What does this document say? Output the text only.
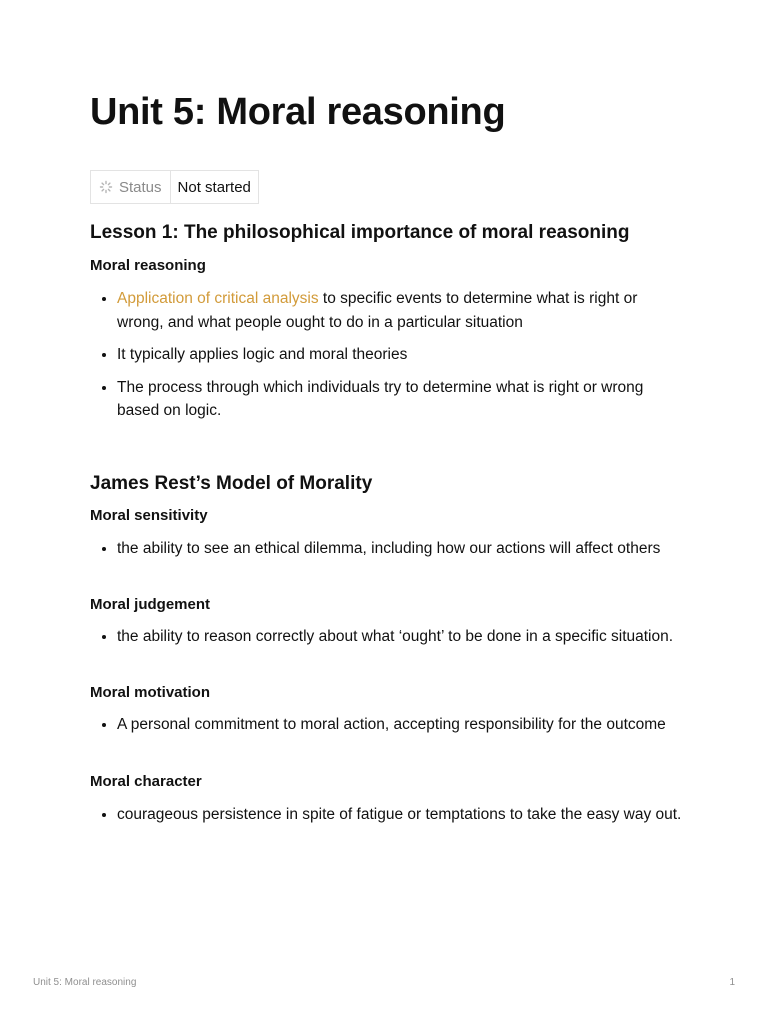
Unit 5: Moral reasoning
Status	Not started
Lesson 1: The philosophical importance of moral reasoning
Moral reasoning
• Application of critical analysis to specific events to determine what is right or wrong, and what people ought to do in a particular situation
• It typically applies logic and moral theories
• The process through which individuals try to determine what is right or wrong based on logic.
James Rest’s Model of Morality
Moral sensitivity
• the ability to see an ethical dilemma, including how our actions will affect others
Moral judgement
• the ability to reason correctly about what ‘ought’ to be done in a specific situation.
Moral motivation
• A personal commitment to moral action, accepting responsibility for the outcome
Moral character
• courageous persistence in spite of fatigue or temptations to take the easy way out.
Unit 5: Moral reasoning	1
